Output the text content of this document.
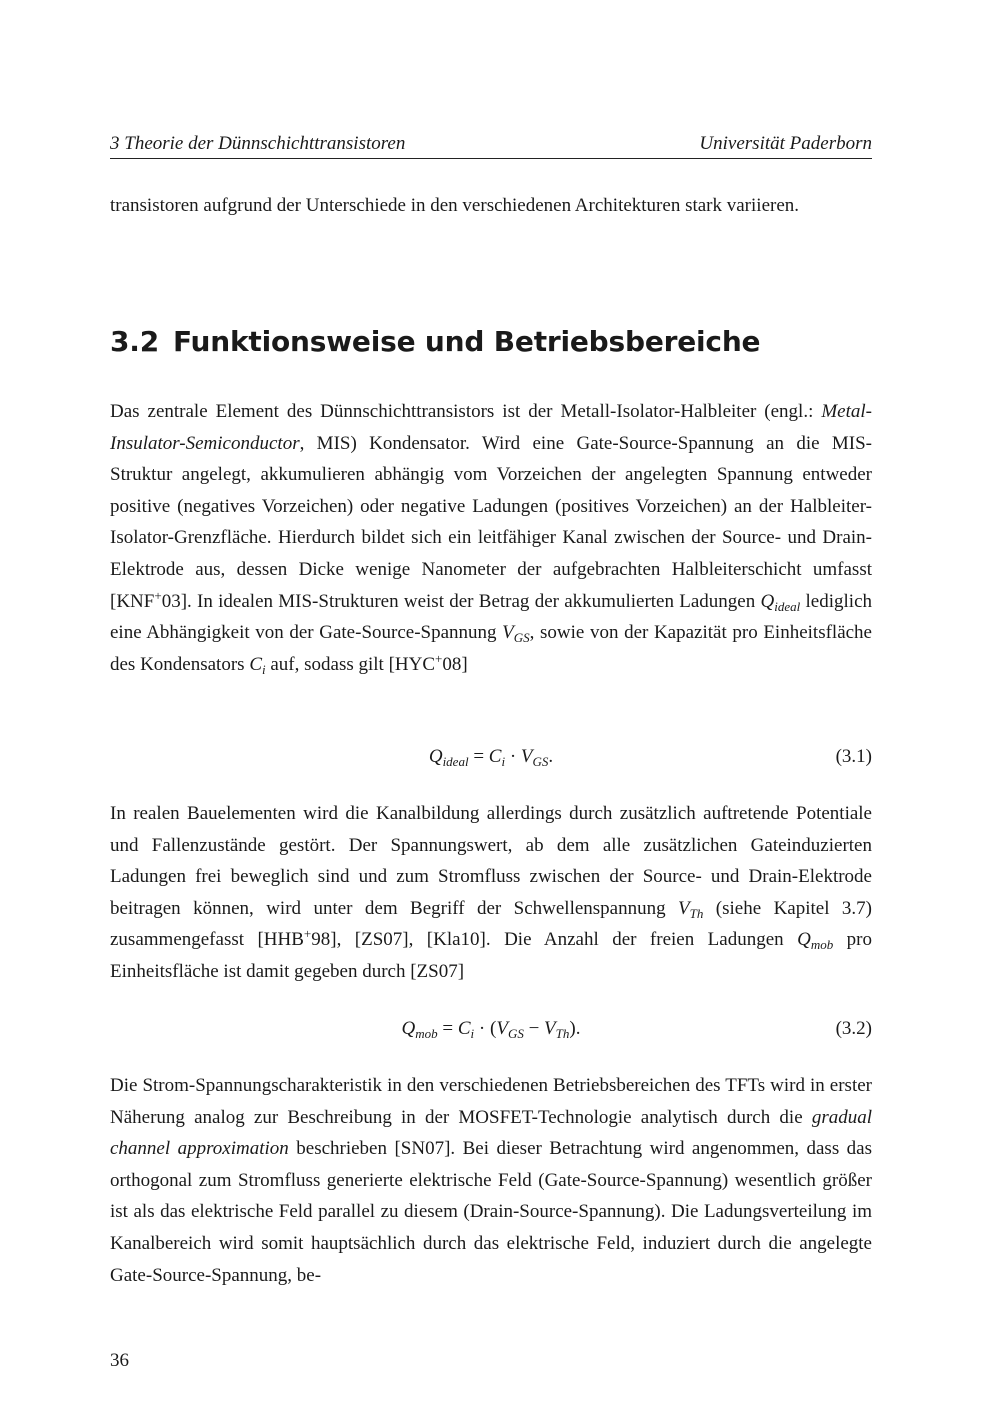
3 Theorie der Dünnschichttransistoren	Universität Paderborn
transistoren aufgrund der Unterschiede in den verschiedenen Architekturen stark variieren.
3.2 Funktionsweise und Betriebsbereiche
Das zentrale Element des Dünnschichttransistors ist der Metall-Isolator-Halbleiter (engl.: Metal-Insulator-Semiconductor, MIS) Kondensator. Wird eine Gate-Source-Spannung an die MIS-Struktur angelegt, akkumulieren abhängig vom Vorzeichen der angelegten Spannung entweder positive (negatives Vorzeichen) oder negative Ladungen (positives Vorzeichen) an der Halbleiter-Isolator-Grenzfläche. Hierdurch bildet sich ein leitfähiger Kanal zwischen der Source- und Drain-Elektrode aus, dessen Dicke wenige Nanometer der aufgebrachten Halbleiterschicht umfasst [KNF+03]. In idealen MIS-Strukturen weist der Betrag der akkumulierten Ladungen $Q_{ideal}$ lediglich eine Abhängigkeit von der Gate-Source-Spannung $V_{GS}$, sowie von der Kapazität pro Einheitsfläche des Kondensators $C_i$ auf, sodass gilt [HYC+08]
$Q_{ideal} = C_i \cdot V_{GS}$.	(3.1)
In realen Bauelementen wird die Kanalbildung allerdings durch zusätzlich auftretende Potentiale und Fallenzustände gestört. Der Spannungswert, ab dem alle zusätzlichen Gateinduzierten Ladungen frei beweglich sind und zum Stromfluss zwischen der Source- und Drain-Elektrode beitragen können, wird unter dem Begriff der Schwellenspannung $V_{Th}$ (siehe Kapitel 3.7) zusammengefasst [HHB+98], [ZS07], [Kla10]. Die Anzahl der freien Ladungen $Q_{mob}$ pro Einheitsfläche ist damit gegeben durch [ZS07]
$Q_{mob} = C_i \cdot (V_{GS} - V_{Th})$.	(3.2)
Die Strom-Spannungscharakteristik in den verschiedenen Betriebsbereichen des TFTs wird in erster Näherung analog zur Beschreibung in der MOSFET-Technologie analytisch durch die gradual channel approximation beschrieben [SN07]. Bei dieser Betrachtung wird angenommen, dass das orthogonal zum Stromfluss generierte elektrische Feld (Gate-Source-Spannung) wesentlich größer ist als das elektrische Feld parallel zu diesem (Drain-Source-Spannung). Die Ladungsverteilung im Kanalbereich wird somit hauptsächlich durch das elektrische Feld, induziert durch die angelegte Gate-Source-Spannung, be-
36
